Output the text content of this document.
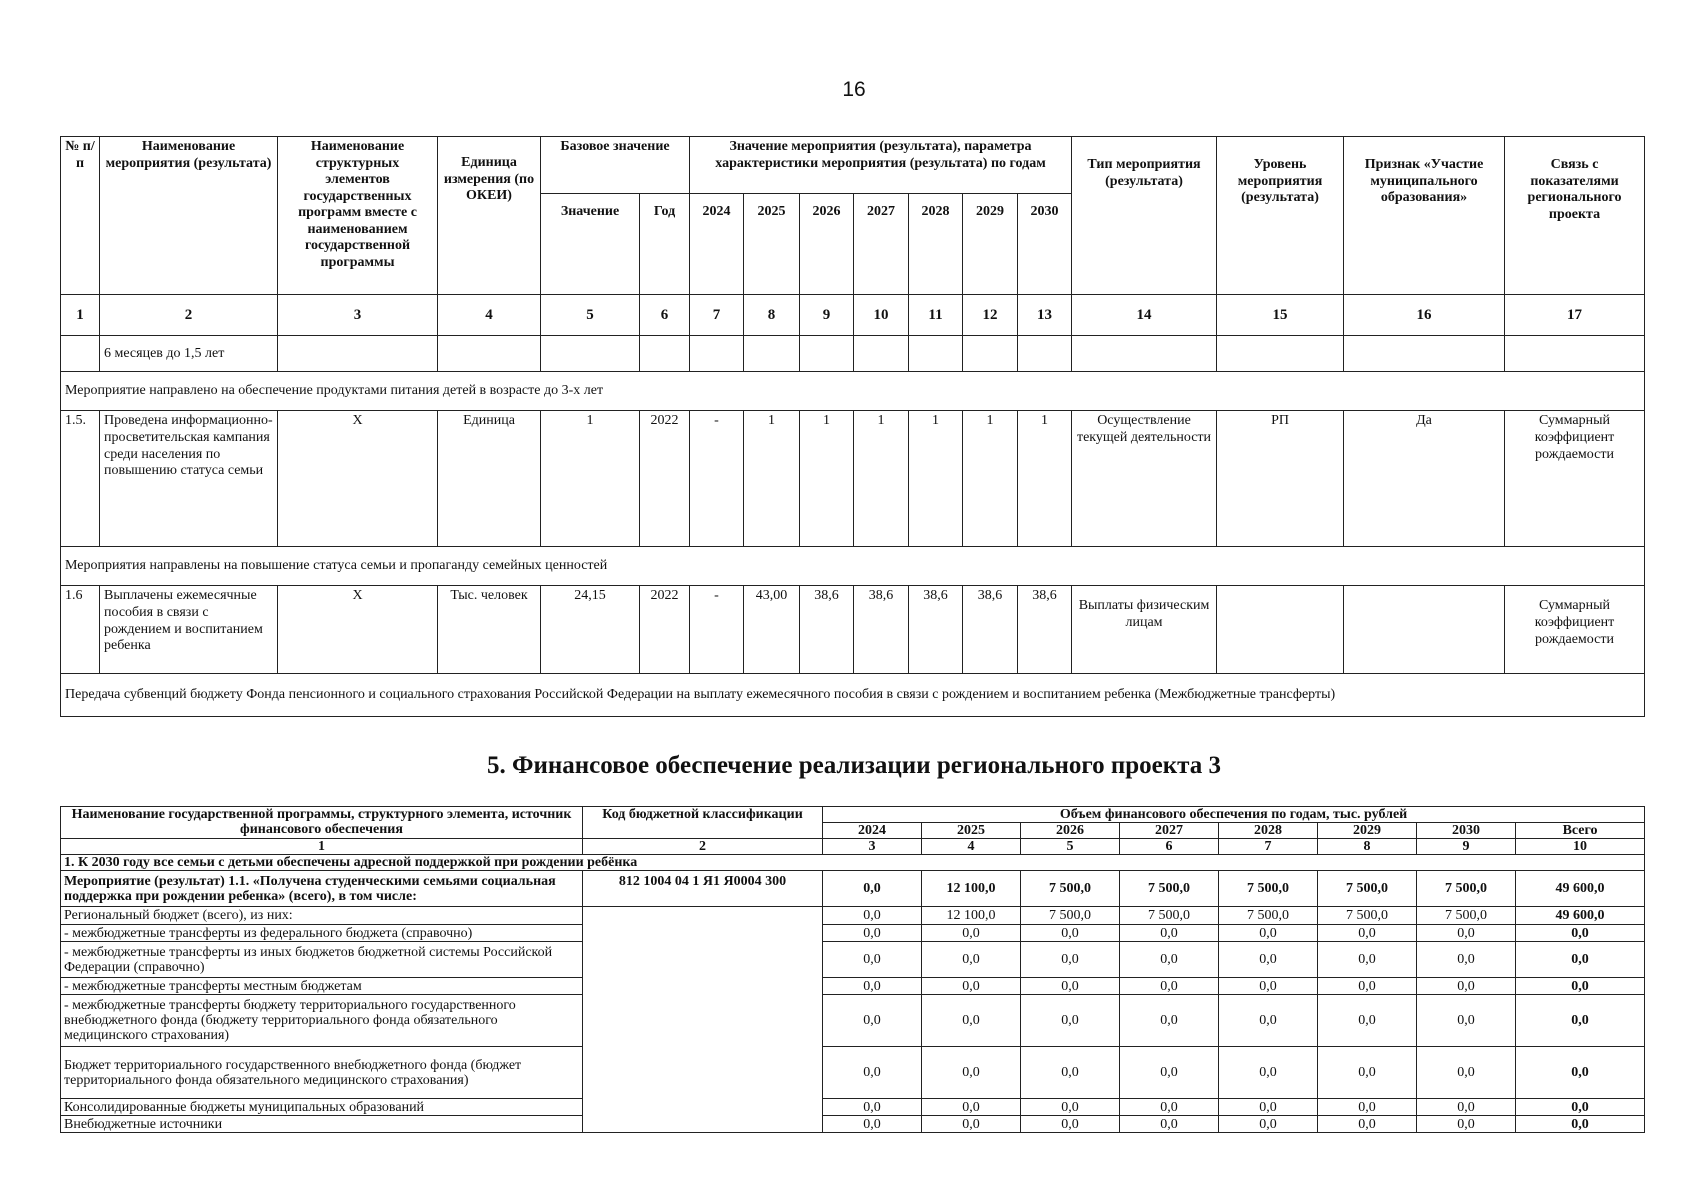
16
№ п/п	Наименование мероприятия (результата)	Наименование структурных элементов государственных программ вместе с наименованием государственной программы	Единица измерения (по ОКЕИ)	Базовое значение		Значение мероприятия (результата), параметра характеристики мероприятия (результата) по годам							Тип мероприятия (результата)	Уровень мероприятия (результата)	Признак «Участие муниципального образования»	Связь с показателями регионального проекта
				Значение	Год	2024	2025	2026	2027	2028	2029	2030				
1	2	3	4	5	6	7	8	9	10	11	12	13	14	15	16	17
	6 месяцев до 1,5 лет															
Мероприятие направлено на обеспечение продуктами питания детей в возрасте до 3-х лет																
1.5.	Проведена информационно-просветительская кампания среди населения по повышению статуса семьи	X	Единица	1	2022	-	1	1	1	1	1	1	Осуществление текущей деятельности	РП	Да	Суммарный коэффициент рождаемости
Мероприятия направлены на повышение статуса семьи и пропаганду семейных ценностей																
1.6	Выплачены ежемесячные пособия в связи с рождением и воспитанием ребенка	X	Тыс. человек	24,15	2022	-	43,00	38,6	38,6	38,6	38,6	38,6	Выплаты физическим лицам			Суммарный коэффициент рождаемости
Передача субвенций бюджету Фонда пенсионного и социального страхования Российской Федерации на выплату ежемесячного пособия в связи с рождением и воспитанием ребенка (Межбюджетные трансферты)																
5. Финансовое обеспечение реализации регионального проекта 3
Наименование государственной программы, структурного элемента, источник финансового обеспечения	Код бюджетной классификации	Объем финансового обеспечения по годам, тыс. рублей							
		2024	2025	2026	2027	2028	2029	2030	Всего
1	2	3	4	5	6	7	8	9	10
1. К 2030 году все семьи с детьми обеспечены адресной поддержкой при рождении ребёнка									
Мероприятие (результат) 1.1. «Получена студенческими семьями социальная поддержка при рождении ребенка» (всего), в том числе:	812 1004 04 1 Я1 Я0004 300	0,0	12 100,0	7 500,0	7 500,0	7 500,0	7 500,0	7 500,0	49 600,0
Региональный бюджет (всего), из них:		0,0	12 100,0	7 500,0	7 500,0	7 500,0	7 500,0	7 500,0	49 600,0
- межбюджетные трансферты из федерального бюджета (справочно)		0,0	0,0	0,0	0,0	0,0	0,0	0,0	0,0
- межбюджетные трансферты из иных бюджетов бюджетной системы Российской Федерации (справочно)		0,0	0,0	0,0	0,0	0,0	0,0	0,0	0,0
- межбюджетные трансферты местным бюджетам		0,0	0,0	0,0	0,0	0,0	0,0	0,0	0,0
- межбюджетные трансферты бюджету территориального государственного внебюджетного фонда (бюджету территориального фонда обязательного медицинского страхования)		0,0	0,0	0,0	0,0	0,0	0,0	0,0	0,0
Бюджет территориального государственного внебюджетного фонда (бюджет территориального фонда обязательного медицинского страхования)		0,0	0,0	0,0	0,0	0,0	0,0	0,0	0,0
Консолидированные бюджеты муниципальных образований		0,0	0,0	0,0	0,0	0,0	0,0	0,0	0,0
Внебюджетные источники		0,0	0,0	0,0	0,0	0,0	0,0	0,0	0,0
